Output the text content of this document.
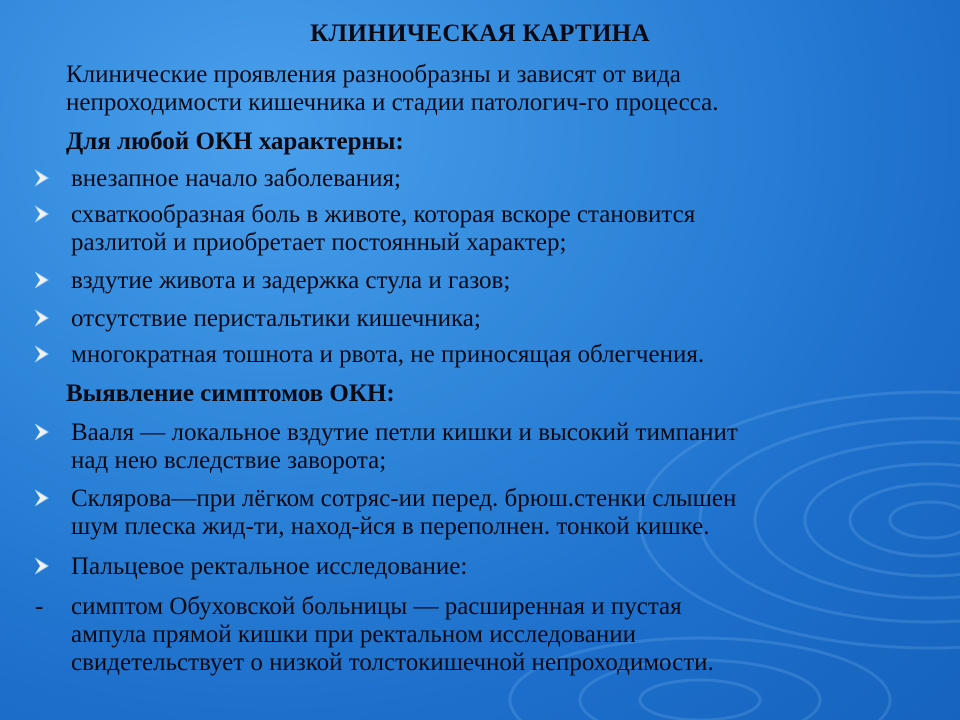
КЛИНИЧЕСКАЯ КАРТИНА
Клинические проявления разнообразны и зависят от вида
непроходимости кишечника и стадии патологич-го процесса.
Для любой ОКН характерны:
внезапное начало заболевания;
схваткообразная боль в животе, которая вскоре становится
разлитой и приобретает постоянный характер;
вздутие живота и задержка стула и газов;
отсутствие перистальтики кишечника;
многократная тошнота и рвота, не приносящая облегчения.
Выявление симптомов ОКН:
Вааля — локальное вздутие петли кишки и высокий тимпанит
над нею вследствие заворота;
Склярова—при лёгком сотряс-ии перед. брюш.стенки слышен
шум плеска жид-ти, наход-йся в переполнен. тонкой кишке.
Пальцевое ректальное исследование:
-	симптом Обуховской больницы — расширенная и пустая
ампула прямой кишки при ректальном исследовании
свидетельствует о низкой толстокишечной непроходимости.
